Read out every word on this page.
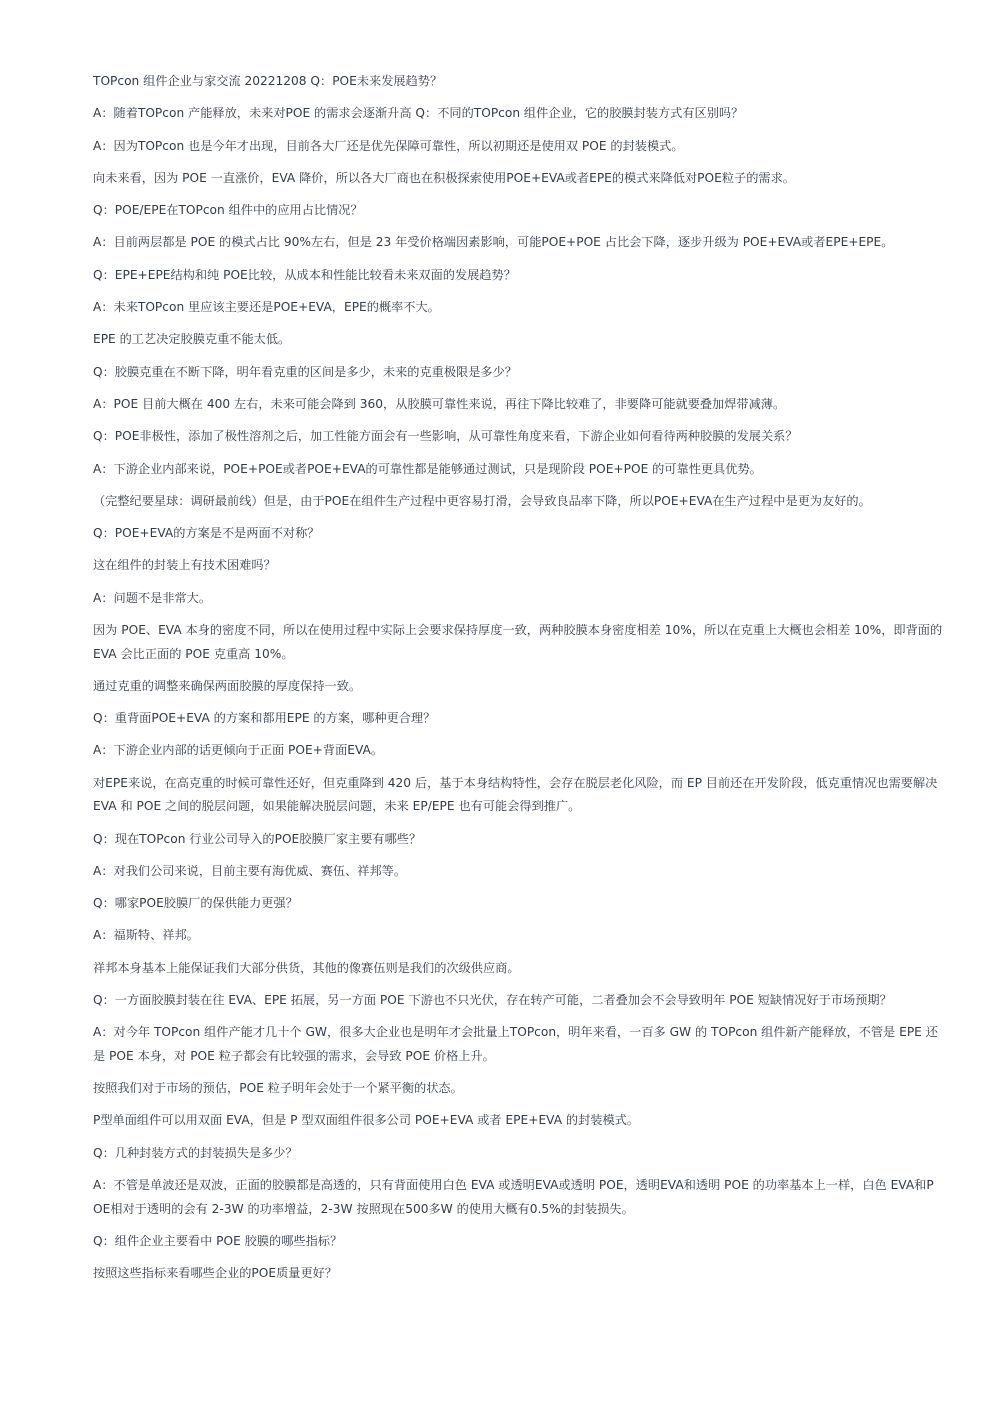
TOPcon 组件企业与家交流 20221208 Q：POE未来发展趋势？

A：随着TOPcon 产能释放，未来对POE 的需求会逐渐升高 Q：不同的TOPcon 组件企业，它的胶膜封装方式有区别吗？

A：因为TOPcon 也是今年才出现，目前各大厂还是优先保障可靠性，所以初期还是使用双 POE 的封装模式。

向未来看，因为 POE 一直涨价，EVA 降价，所以各大厂商也在积极探索使用POE+EVA或者EPE的模式来降低对POE粒子的需求。

Q：POE/EPE在TOPcon 组件中的应用占比情况？

A：目前两层都是 POE 的模式占比 90%左右，但是 23 年受价格端因素影响，可能POE+POE 占比会下降，逐步升级为 POE+EVA或者EPE+EPE。

Q：EPE+EPE结构和纯 POE比较，从成本和性能比较看未来双面的发展趋势？

A：未来TOPcon 里应该主要还是POE+EVA，EPE的概率不大。

EPE 的工艺决定胶膜克重不能太低。

Q：胶膜克重在不断下降，明年看克重的区间是多少，未来的克重极限是多少？

A：POE 目前大概在 400 左右，未来可能会降到 360，从胶膜可靠性来说，再往下降比较难了，非要降可能就要叠加焊带减薄。

Q：POE非极性，添加了极性溶剂之后，加工性能方面会有一些影响，从可靠性角度来看，下游企业如何看待两种胶膜的发展关系？

A：下游企业内部来说，POE+POE或者POE+EVA的可靠性都是能够通过测试，只是现阶段 POE+POE 的可靠性更具优势。

（完整纪要星球：调研最前线）但是，由于POE在组件生产过程中更容易打滑，会导致良品率下降，所以POE+EVA在生产过程中是更为友好的。

Q：POE+EVA的方案是不是两面不对称？

这在组件的封装上有技术困难吗？

A：问题不是非常大。

因为 POE、EVA 本身的密度不同，所以在使用过程中实际上会要求保持厚度一致，两种胶膜本身密度相差 10%，所以在克重上大概也会相差 10%，即背面的 EVA 会比正面的 POE 克重高 10%。

通过克重的调整来确保两面胶膜的厚度保持一致。

Q：重背面POE+EVA 的方案和都用EPE 的方案，哪种更合理？

A：下游企业内部的话更倾向于正面 POE+背面EVA。

对EPE来说，在高克重的时候可靠性还好，但克重降到 420 后，基于本身结构特性，会存在脱层老化风险，而 EP 目前还在开发阶段，低克重情况也需要解决 EVA 和 POE 之间的脱层问题，如果能解决脱层问题，未来 EP/EPE 也有可能会得到推广。

Q：现在TOPcon 行业公司导入的POE胶膜厂家主要有哪些？

A：对我们公司来说，目前主要有海优威、赛伍、祥邦等。

Q：哪家POE胶膜厂的保供能力更强？

A：福斯特、祥邦。

祥邦本身基本上能保证我们大部分供货，其他的像赛伍则是我们的次级供应商。

Q：一方面胶膜封装在往 EVA、EPE 拓展，另一方面 POE 下游也不只光伏，存在转产可能，二者叠加会不会导致明年 POE 短缺情况好于市场预期？

A：对今年 TOPcon 组件产能才几十个 GW，很多大企业也是明年才会批量上TOPcon，明年来看，一百多 GW 的 TOPcon 组件新产能释放，不管是 EPE 还是 POE 本身，对 POE 粒子都会有比较强的需求，会导致 POE 价格上升。

按照我们对于市场的预估，POE 粒子明年会处于一个紧平衡的状态。

P型单面组件可以用双面 EVA，但是 P 型双面组件很多公司 POE+EVA 或者 EPE+EVA 的封装模式。

Q：几种封装方式的封装损失是多少？

A：不管是单波还是双波，正面的胶膜都是高透的，只有背面使用白色 EVA 或透明EVA或透明 POE，透明EVA和透明 POE 的功率基本上一样，白色 EVA和POE相对于透明的会有 2-3W 的功率增益，2-3W 按照现在500多W 的使用大概有0.5%的封装损失。

Q：组件企业主要看中 POE 胶膜的哪些指标？

按照这些指标来看哪些企业的POE质量更好？
